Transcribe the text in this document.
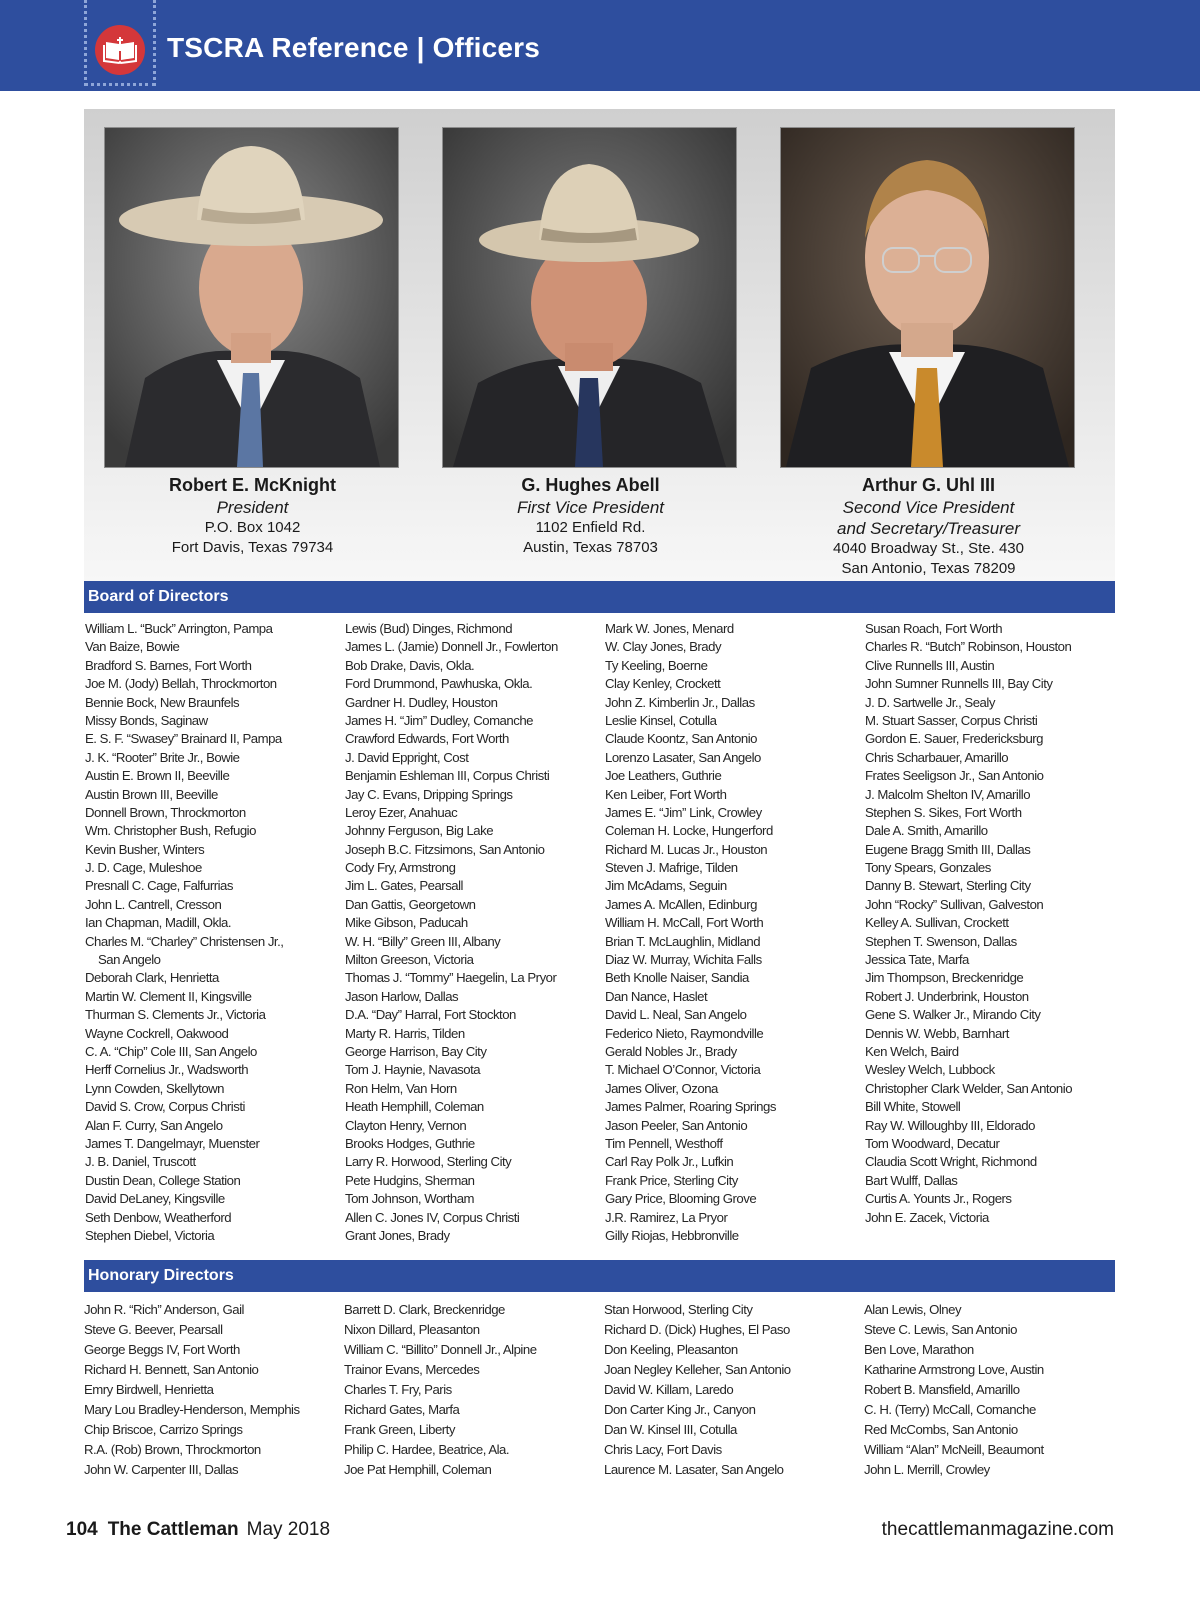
TSCRA Reference | Officers
Robert E. McKnight
President
P.O. Box 1042
Fort Davis, Texas 79734
G. Hughes Abell
First Vice President
1102 Enfield Rd.
Austin, Texas 78703
Arthur G. Uhl III
Second Vice President
and Secretary/Treasurer
4040 Broadway St., Ste. 430
San Antonio, Texas 78209
Board of Directors
William L. “Buck” Arrington, Pampa
Van Baize, Bowie
Bradford S. Barnes, Fort Worth
Joe M. (Jody) Bellah, Throckmorton
Bennie Bock, New Braunfels
Missy Bonds, Saginaw
E. S. F. “Swasey” Brainard II, Pampa
J. K. “Rooter” Brite Jr., Bowie
Austin E. Brown II, Beeville
Austin Brown III, Beeville
Donnell Brown, Throckmorton
Wm. Christopher Bush, Refugio
Kevin Busher, Winters
J. D. Cage, Muleshoe
Presnall C. Cage, Falfurrias
John L. Cantrell, Cresson
Ian Chapman, Madill, Okla.
Charles M. “Charley” Christensen Jr.,
San Angelo
Deborah Clark, Henrietta
Martin W. Clement II, Kingsville
Thurman S. Clements Jr., Victoria
Wayne Cockrell, Oakwood
C. A. “Chip” Cole III, San Angelo
Herff Cornelius Jr., Wadsworth
Lynn Cowden, Skellytown
David S. Crow, Corpus Christi
Alan F. Curry, San Angelo
James T. Dangelmayr, Muenster
J. B. Daniel, Truscott
Dustin Dean, College Station
David DeLaney, Kingsville
Seth Denbow, Weatherford
Stephen Diebel, Victoria
Lewis (Bud) Dinges, Richmond
James L. (Jamie) Donnell Jr., Fowlerton
Bob Drake, Davis, Okla.
Ford Drummond, Pawhuska, Okla.
Gardner H. Dudley, Houston
James H. “Jim” Dudley, Comanche
Crawford Edwards, Fort Worth
J. David Eppright, Cost
Benjamin Eshleman III, Corpus Christi
Jay C. Evans, Dripping Springs
Leroy Ezer, Anahuac
Johnny Ferguson, Big Lake
Joseph B.C. Fitzsimons, San Antonio
Cody Fry, Armstrong
Jim L. Gates, Pearsall
Dan Gattis, Georgetown
Mike Gibson, Paducah
W. H. “Billy” Green III, Albany
Milton Greeson, Victoria
Thomas J. “Tommy” Haegelin, La Pryor
Jason Harlow, Dallas
D.A. “Day” Harral, Fort Stockton
Marty R. Harris, Tilden
George Harrison, Bay City
Tom J. Haynie, Navasota
Ron Helm, Van Horn
Heath Hemphill, Coleman
Clayton Henry, Vernon
Brooks Hodges, Guthrie
Larry R. Horwood, Sterling City
Pete Hudgins, Sherman
Tom Johnson, Wortham
Allen C. Jones IV, Corpus Christi
Grant Jones, Brady
Mark W. Jones, Menard
W. Clay Jones, Brady
Ty Keeling, Boerne
Clay Kenley, Crockett
John Z. Kimberlin Jr., Dallas
Leslie Kinsel, Cotulla
Claude Koontz, San Antonio
Lorenzo Lasater, San Angelo
Joe Leathers, Guthrie
Ken Leiber, Fort Worth
James E. “Jim” Link, Crowley
Coleman H. Locke, Hungerford
Richard M. Lucas Jr., Houston
Steven J. Mafrige, Tilden
Jim McAdams, Seguin
James A. McAllen, Edinburg
William H. McCall, Fort Worth
Brian T. McLaughlin, Midland
Diaz W. Murray, Wichita Falls
Beth Knolle Naiser, Sandia
Dan Nance, Haslet
David L. Neal, San Angelo
Federico Nieto, Raymondville
Gerald Nobles Jr., Brady
T. Michael O’Connor, Victoria
James Oliver, Ozona
James Palmer, Roaring Springs
Jason Peeler, San Antonio
Tim Pennell, Westhoff
Carl Ray Polk Jr., Lufkin
Frank Price, Sterling City
Gary Price, Blooming Grove
J.R. Ramirez, La Pryor
Gilly Riojas, Hebbronville
Susan Roach, Fort Worth
Charles R. “Butch” Robinson, Houston
Clive Runnells III, Austin
John Sumner Runnells III, Bay City
J. D. Sartwelle Jr., Sealy
M. Stuart Sasser, Corpus Christi
Gordon E. Sauer, Fredericksburg
Chris Scharbauer, Amarillo
Frates Seeligson Jr., San Antonio
J. Malcolm Shelton IV, Amarillo
Stephen S. Sikes, Fort Worth
Dale A. Smith, Amarillo
Eugene Bragg Smith III, Dallas
Tony Spears, Gonzales
Danny B. Stewart, Sterling City
John “Rocky” Sullivan, Galveston
Kelley A. Sullivan, Crockett
Stephen T. Swenson, Dallas
Jessica Tate, Marfa
Jim Thompson, Breckenridge
Robert J. Underbrink, Houston
Gene S. Walker Jr., Mirando City
Dennis W. Webb, Barnhart
Ken Welch, Baird
Wesley Welch, Lubbock
Christopher Clark Welder, San Antonio
Bill White, Stowell
Ray W. Willoughby III, Eldorado
Tom Woodward, Decatur
Claudia Scott Wright, Richmond
Bart Wulff, Dallas
Curtis A. Younts Jr., Rogers
John E. Zacek, Victoria
Honorary Directors
John R. “Rich” Anderson, Gail
Steve G. Beever, Pearsall
George Beggs IV, Fort Worth
Richard H. Bennett, San Antonio
Emry Birdwell, Henrietta
Mary Lou Bradley-Henderson, Memphis
Chip Briscoe, Carrizo Springs
R.A. (Rob) Brown, Throckmorton
John W. Carpenter III, Dallas
Barrett D. Clark, Breckenridge
Nixon Dillard, Pleasanton
William C. “Billito” Donnell Jr., Alpine
Trainor Evans, Mercedes
Charles T. Fry, Paris
Richard Gates, Marfa
Frank Green, Liberty
Philip C. Hardee, Beatrice, Ala.
Joe Pat Hemphill, Coleman
Stan Horwood, Sterling City
Richard D. (Dick) Hughes, El Paso
Don Keeling, Pleasanton
Joan Negley Kelleher, San Antonio
David W. Killam, Laredo
Don Carter King Jr., Canyon
Dan W. Kinsel III, Cotulla
Chris Lacy, Fort Davis
Laurence M. Lasater, San Angelo
Alan Lewis, Olney
Steve C. Lewis, San Antonio
Ben Love, Marathon
Katharine Armstrong Love, Austin
Robert B. Mansfield, Amarillo
C. H. (Terry) McCall, Comanche
Red McCombs, San Antonio
William “Alan” McNeill, Beaumont
John L. Merrill, Crowley
104 The Cattleman May 2018	thecattlemanmagazine.com
